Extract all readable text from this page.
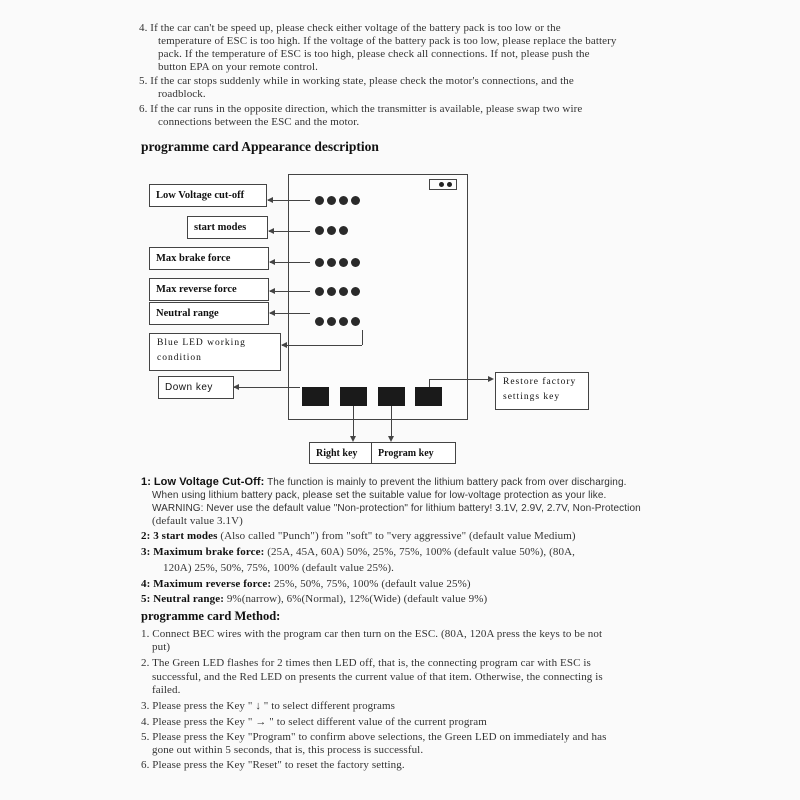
4. If the car can't be speed up, please check either voltage of the battery pack is too low or the
temperature of ESC is too high. If the voltage of the battery pack is too low, please replace the battery
pack. If the temperature of ESC is too high, please check all connections. If not, please push the
button EPA on your remote control.
5. If the car stops suddenly while in working state, please check the motor's connections, and the
roadblock.
6. If the car runs in the opposite direction, which the transmitter is available, please swap two wire
connections between the ESC and the motor.
programme card Appearance description
Low Voltage cut-off
start modes
Max brake force
Max reverse force
Neutral range
Blue LED working
condition
Down key	Restore factory
settings key
Right key	Program key
1: Low Voltage Cut-Off: The function is mainly to prevent the lithium battery pack from over discharging.
When using lithium battery pack, please set the suitable value for low-voltage protection as your like.
WARNING: Never use the default value "Non-protection" for lithium battery! 3.1V, 2.9V, 2.7V, Non-Protection
(default value 3.1V)
2: 3 start modes (Also called "Punch") from "soft" to "very aggressive" (default value Medium)
3: Maximum brake force: (25A, 45A, 60A) 50%, 25%, 75%, 100% (default value 50%), (80A,
120A) 25%, 50%, 75%, 100% (default value 25%).
4: Maximum reverse force: 25%, 50%, 75%, 100% (default value 25%)
5: Neutral range: 9%(narrow), 6%(Normal), 12%(Wide) (default value 9%)
programme card Method:
1. Connect BEC wires with the program car then turn on the ESC. (80A, 120A press the keys to be not
put)
2. The Green LED flashes for 2 times then LED off, that is, the connecting program car with ESC is
successful, and the Red LED on presents the current value of that item. Otherwise, the connecting is
failed.
3. Please press the Key " ↓ " to select different programs
4. Please press the Key " → " to select different value of the current program
5. Please press the Key "Program" to confirm above selections, the Green LED on immediately and has
gone out within 5 seconds, that is, this process is successful.
6. Please press the Key "Reset" to reset the factory setting.
